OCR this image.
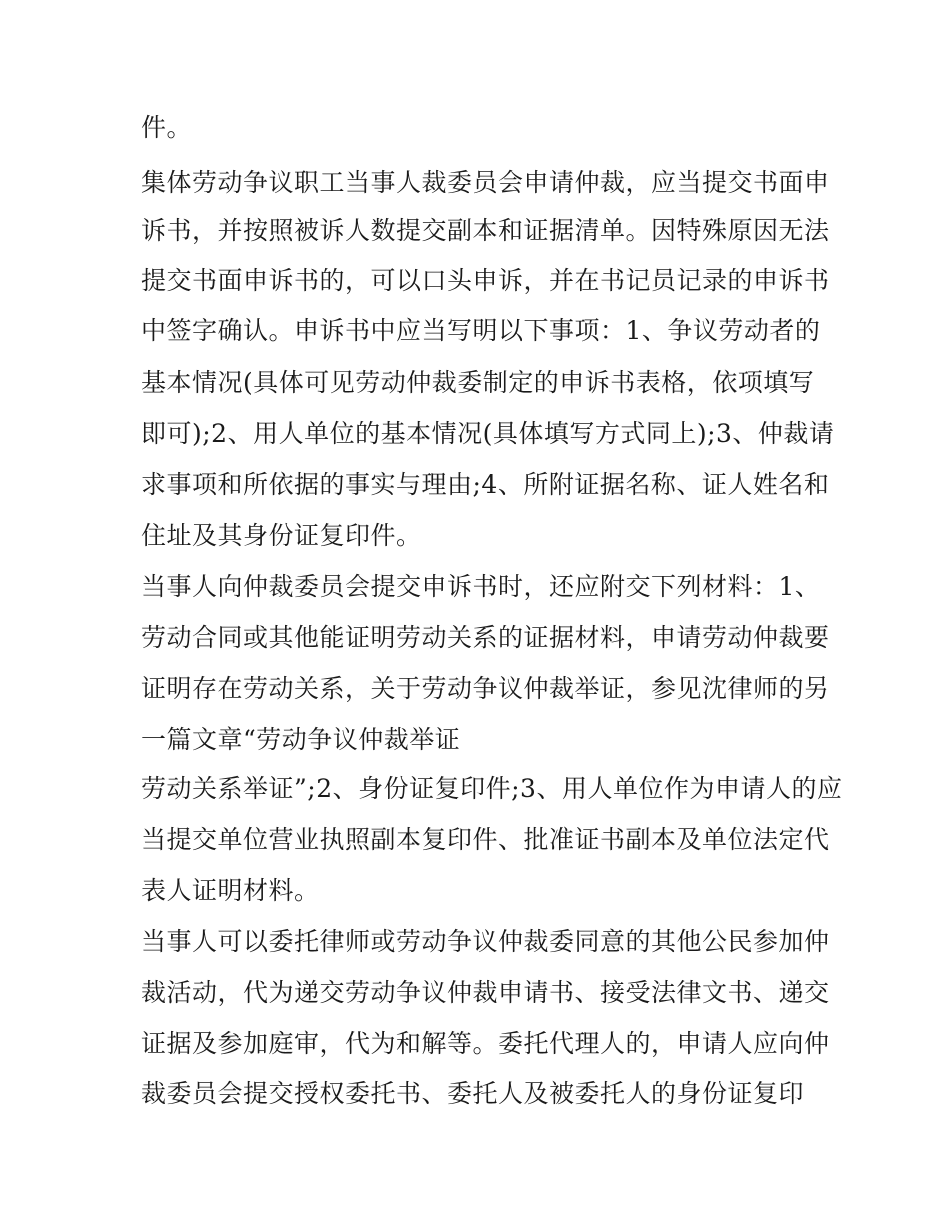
件。
集体劳动争议职工当事人裁委员会申请仲裁，应当提交书面申
诉书，并按照被诉人数提交副本和证据清单。因特殊原因无法
提交书面申诉书的，可以口头申诉，并在书记员记录的申诉书
中签字确认。申诉书中应当写明以下事项：1、争议劳动者的
基本情况(具体可见劳动仲裁委制定的申诉书表格，依项填写
即可);2、用人单位的基本情况(具体填写方式同上);3、仲裁请
求事项和所依据的事实与理由;4、所附证据名称、证人姓名和
住址及其身份证复印件。
当事人向仲裁委员会提交申诉书时，还应附交下列材料：1、
劳动合同或其他能证明劳动关系的证据材料，申请劳动仲裁要
证明存在劳动关系，关于劳动争议仲裁举证，参见沈律师的另
一篇文章“劳动争议仲裁举证
劳动关系举证”;2、身份证复印件;3、用人单位作为申请人的应
当提交单位营业执照副本复印件、批准证书副本及单位法定代
表人证明材料。
当事人可以委托律师或劳动争议仲裁委同意的其他公民参加仲
裁活动，代为递交劳动争议仲裁申请书、接受法律文书、递交
证据及参加庭审，代为和解等。委托代理人的，申请人应向仲
裁委员会提交授权委托书、委托人及被委托人的身份证复印
